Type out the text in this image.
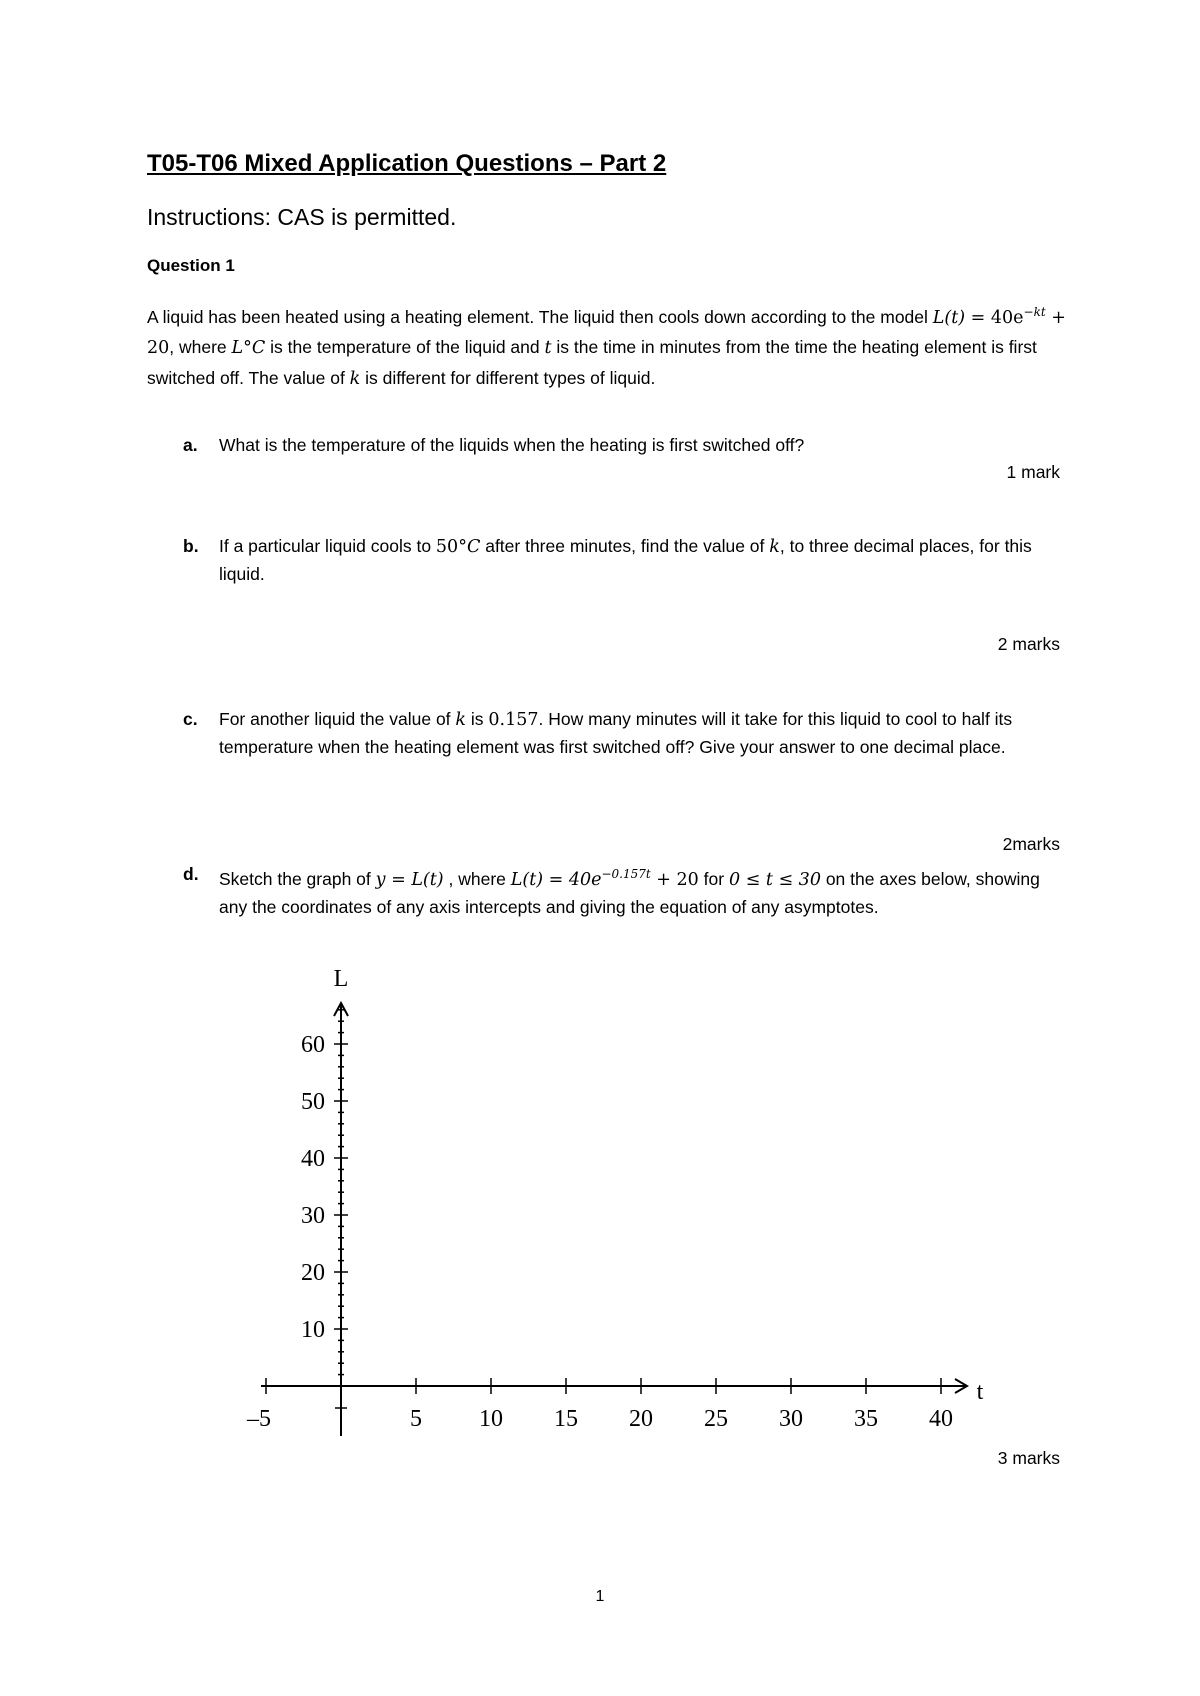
T05-T06 Mixed Application Questions – Part 2
Instructions: CAS is permitted.
Question 1
A liquid has been heated using a heating element. The liquid then cools down according to the model $L(t) = 40e^{-kt} + 20$, where L°C is the temperature of the liquid and t is the time in minutes from the time the heating element is first switched off. The value of k is different for different types of liquid.
a. What is the temperature of the liquids when the heating is first switched off?
1 mark
b. If a particular liquid cools to 50°C after three minutes, find the value of k, to three decimal places, for this liquid.
2 marks
c. For another liquid the value of k is 0.157. How many minutes will it take for this liquid to cool to half its temperature when the heating element was first switched off? Give your answer to one decimal place.
2marks
d. Sketch the graph of y = L(t) , where $L(t) = 40e^{-0.157t} + 20$ for 0 ≤ t ≤ 30 on the axes below, showing any the coordinates of any axis intercepts and giving the equation of any asymptotes.
60
50
40
30
20
10
–5	5 10 15 20 25 30 35 40
L
t
3 marks
1
